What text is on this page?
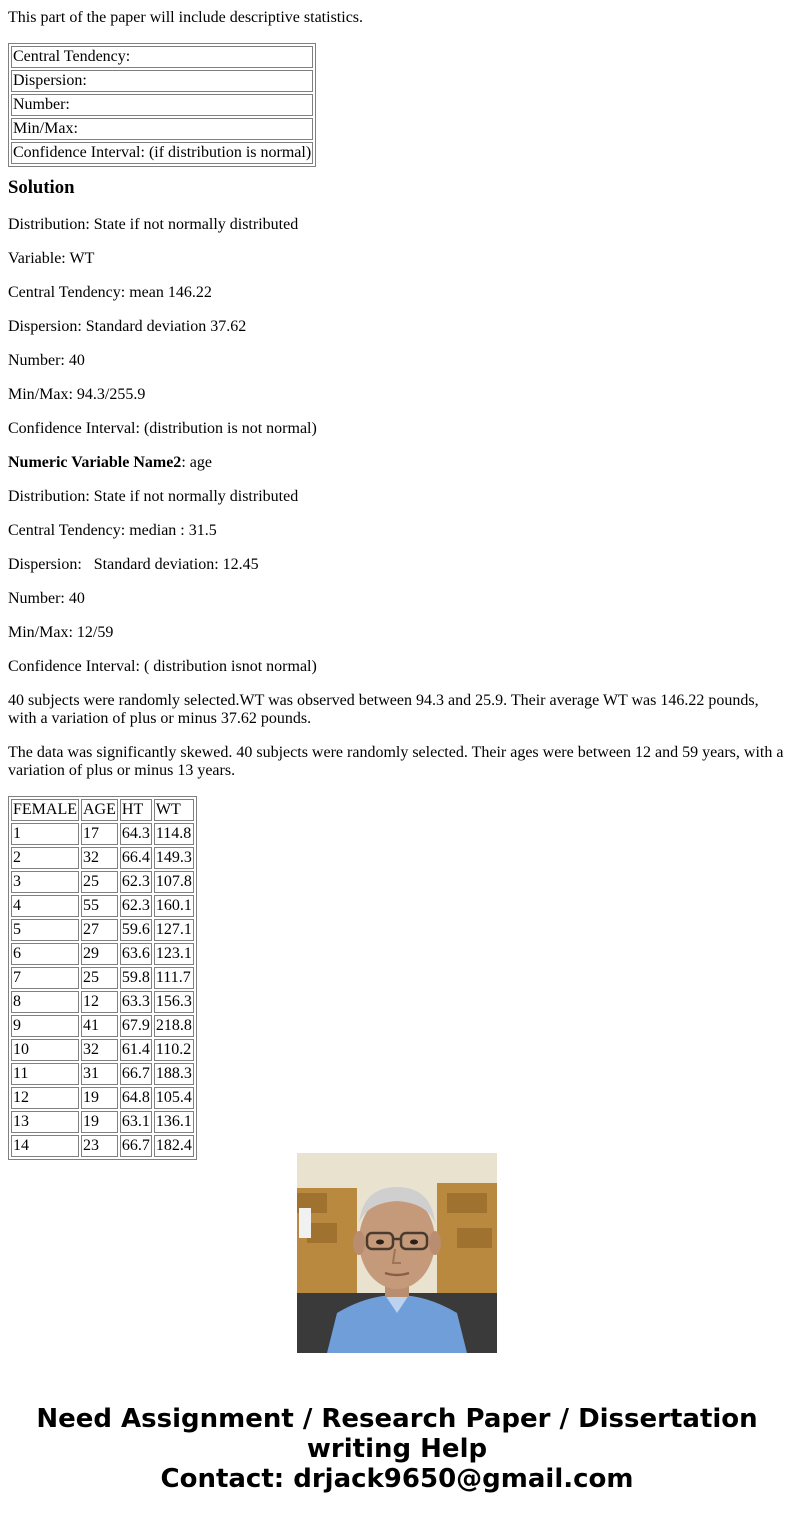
This part of the paper will include descriptive statistics.

Central Tendency:
Dispersion:
Number:
Min/Max:
Confidence Interval: (if distribution is normal)
Solution

Distribution: State if not normally distributed

Variable: WT

Central Tendency: mean 146.22

Dispersion: Standard deviation 37.62

Number: 40

Min/Max: 94.3/255.9

Confidence Interval: (distribution is not normal)

Numeric Variable Name2: age

Distribution: State if not normally distributed

Central Tendency: median : 31.5

Dispersion:   Standard deviation: 12.45

Number: 40

Min/Max: 12/59

Confidence Interval: ( distribution isnot normal)

40 subjects were randomly selected.WT was observed between 94.3 and 25.9. Their average WT was 146.22 pounds, with a variation of plus or minus 37.62 pounds.

The data was significantly skewed. 40 subjects were randomly selected. Their ages were between 12 and 59 years, with a variation of plus or minus 13 years.

FEMALE	AGE	HT	WT
1	17	64.3	114.8
2	32	66.4	149.3
3	25	62.3	107.8
4	55	62.3	160.1
5	27	59.6	127.1
6	29	63.6	123.1
7	25	59.8	111.7
8	12	63.3	156.3
9	41	67.9	218.8
10	32	61.4	110.2
11	31	66.7	188.3
12	19	64.8	105.4
13	19	63.1	136.1
14	23	66.7	182.4
Need Assignment / Research Paper / Dissertation
writing Help
Contact: drjack9650@gmail.com
